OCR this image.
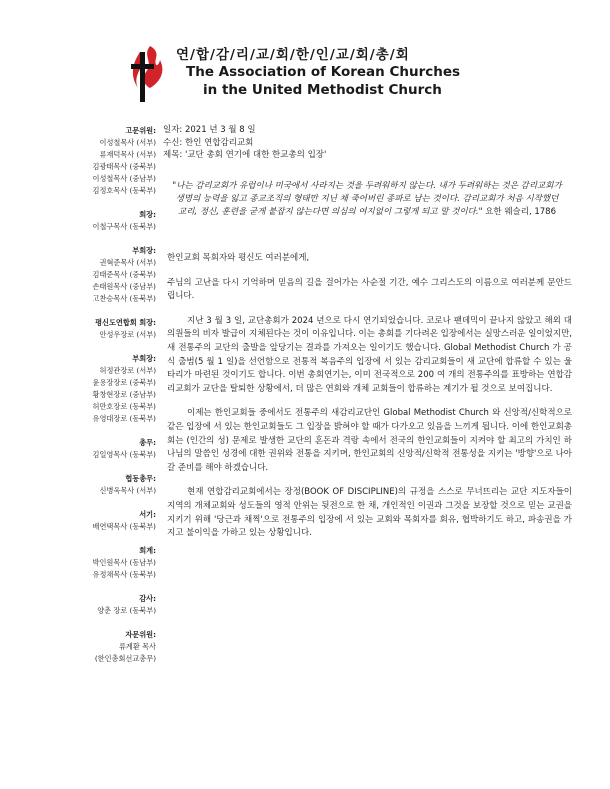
연/합/감/리/교/회/한/인/교/회/총/회
The Association of Korean Churches
in the United Methodist Church
고문위원:
이성철목사 (서부)
류재덕목사 (서부)
김광태목사 (중북부)
이성철목사 (중남부)
김정호목사 (동북부)
회장:
이철구목사 (동북부)
부회장:
권혁준목사 (서부)
김태준목사 (중북부)
손태원목사 (중남부)
고찬승목사 (동북부)
평신도연합회 회장:
안성우장로 (서부)
부회장:
허정관장로 (서부)
윤용장장로 (중북부)
황창현장로 (중남부)
허만호장로 (동북부)
유영대장로 (동북부)
총무:
김일영목사 (동북부)
협동총무:
신병욱목사 (서부)
서기:
배연택목사 (동북부)
회계:
박인원목사 (동남부)
유정채목사 (동북부)
감사:
양춘 장로 (동북부)
자문위원:
류계환 목사
(한인총회선교총무)
일자: 2021 년 3 월 8 일
수신: 한인 연합감리교회
제목: '교단 총회 연기에 대한 한교총의 입장'
"나는 감리교회가 유럽이나 미국에서 사라지는 것을 두려워하지 않는다. 내가 두려워하는 것은 감리교회가 생명의 능력을 잃고 종교조직의 형태만 지닌 채 죽어버린 종파로 남는 것이다. 감리교회가 처음 시작했던 교리, 정신, 훈련을 굳게 붙잡지 않는다면 의심의 여지없이 그렇게 되고 말 것이다." 요한 웨슬리, 1786

한인교회 목회자와 평신도 여러분에게,

주님의 고난을 다시 기억하며 믿음의 길을 걸어가는 사순절 기간, 예수 그리스도의 이름으로 여러분께 문안드립니다.

지난 3 월 3 일, 교단총회가 2024 년으로 다시 연기되었습니다. 코로나 팬데믹이 끝나지 않았고 해외 대의원들의 비자 발급이 지체된다는 것이 이유입니다. 이는 총회를 기다려온 입장에서는 실망스러운 일이었지만, 새 전통주의 교단의 출발을 앞당기는 결과를 가져오는 일이기도 했습니다. Global Methodist Church 가 공식 출범(5 월 1 일)을 선언함으로 전통적 복음주의 입장에 서 있는 감리교회들이 새 교단에 합류할 수 있는 울타리가 마련된 것이기도 합니다. 이번 총회연기는, 이미 전국적으로 200 여 개의 전통주의를 표방하는 연합감리교회가 교단을 탈퇴한 상황에서, 더 많은 연회와 개체 교회들이 합류하는 계기가 될 것으로 보여집니다.

이제는 한인교회들 중에서도 전통주의 새감리교단인 Global Methodist Church 와 신앙적/신학적으로 같은 입장에 서 있는 한인교회들도 그 입장을 밝혀야 할 때가 다가오고 있음을 느끼게 됩니다. 이에 한인교회총회는 (인간의 성) 문제로 발생한 교단의 혼돈과 격랑 속에서 전국의 한인교회들이 지켜야 할 최고의 가치인 하나님의 말씀인 성경에 대한 권위와 전통을 지키며, 한인교회의 신앙적/신학적 전통성을 지키는 '방향'으로 나아갈 준비를 해야 하겠습니다.

현재 연합감리교회에서는 장정(BOOK OF DISCIPLINE)의 규정을 스스로 무너뜨리는 교단 지도자들이 지역의 개체교회와 성도들의 영적 안위는 뒷전으로 한 채, 개인적인 이권과 그것을 보장할 것으로 믿는 교권을 지키기 위해 '당근과 채찍'으로 전통주의 입장에 서 있는 교회와 목회자를 회유, 협박하기도 하고, 파송권을 가지고 불이익을 가하고 있는 상황입니다.
